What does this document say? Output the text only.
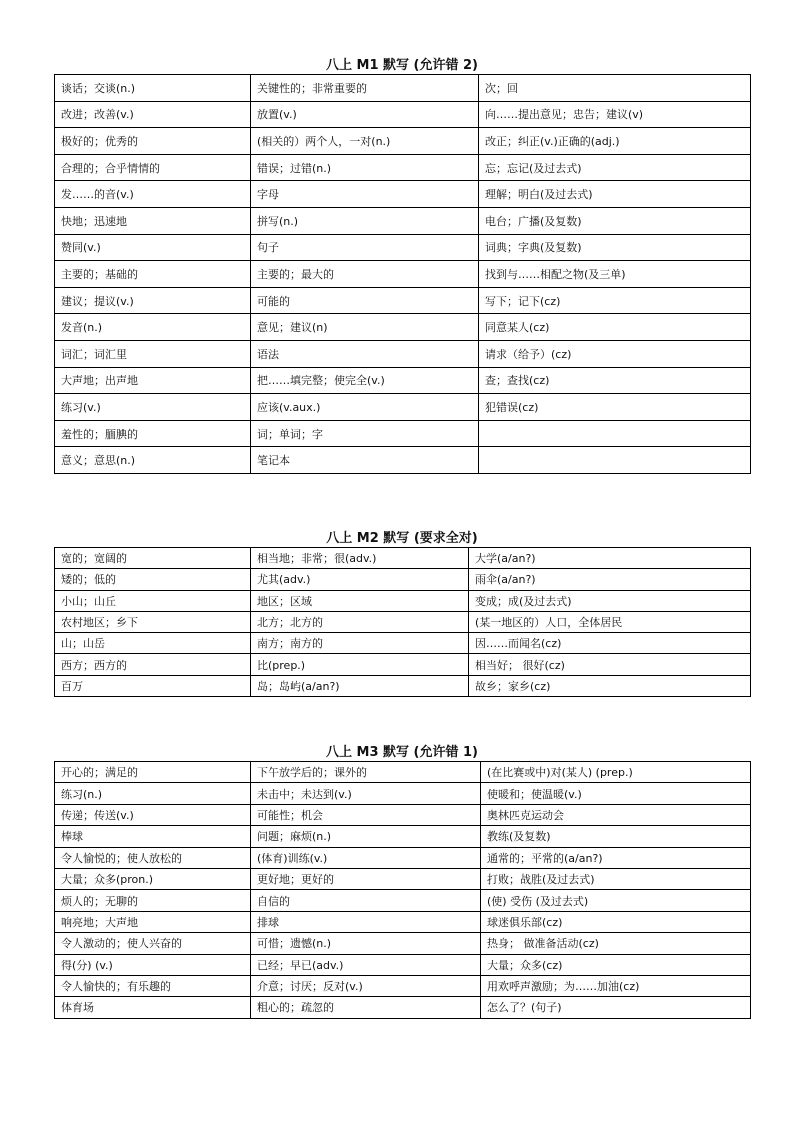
八上 M1 默写 (允许错 2)
谈话；交谈(n.)	关键性的；非常重要的	次；回
改进；改善(v.)	放置(v.)	向……提出意见；忠告；建议(v)
极好的；优秀的	(相关的）两个人，一对(n.)	改正；纠正(v.)正确的(adj.)
合理的；合乎情情的	错误；过错(n.)	忘；忘记(及过去式)
发……的音(v.)	字母	理解；明白(及过去式)
快地；迅速地	拼写(n.)	电台；广播(及复数)
赞同(v.)	句子	词典；字典(及复数)
主要的；基础的	主要的；最大的	找到与……相配之物(及三单)
建议；提议(v.)	可能的	写下；记下(cz)
发音(n.)	意见；建议(n)	同意某人(cz)
词汇；词汇里	语法	请求（给予）(cz)
大声地；出声地	把……填完整；使完全(v.)	查；查找(cz)
练习(v.)	应该(v.aux.)	犯错误(cz)
羞性的；腼腆的	词；单词；字	
意义；意思(n.)	笔记本	
八上 M2 默写 (要求全对)
宽的；宽阔的	相当地；非常；很(adv.)	大学(a/an?)
矮的；低的	尤其(adv.)	雨伞(a/an?)
小山；山丘	地区；区域	变成；成(及过去式)
农村地区；乡下	北方；北方的	(某一地区的）人口，全体居民
山；山岳	南方；南方的	因……而闻名(cz)
西方；西方的	比(prep.)	相当好； 很好(cz)
百万	岛；岛屿(a/an?)	故乡；家乡(cz)
八上 M3 默写 (允许错 1)
开心的；满足的	下午放学后的；课外的	(在比赛或中)对(某人) (prep.)
练习(n.)	未击中；未达到(v.)	使暖和；使温暖(v.)
传递；传送(v.)	可能性；机会	奥林匹克运动会
棒球	问题；麻烦(n.)	教练(及复数)
令人愉悦的；使人放松的	(体育)训练(v.)	通常的；平常的(a/an?)
大量；众多(pron.)	更好地；更好的	打败；战胜(及过去式)
烦人的；无聊的	自信的	(使) 受伤 (及过去式)
响亮地；大声地	排球	球迷俱乐部(cz)
令人激动的；使人兴奋的	可惜；遗憾(n.)	热身； 做准备活动(cz)
得(分) (v.)	已经；早已(adv.)	大量；众多(cz)
令人愉快的；有乐趣的	介意；讨厌；反对(v.)	用欢呼声激励；为……加油(cz)
体育场	粗心的；疏忽的	怎么了？(句子)
